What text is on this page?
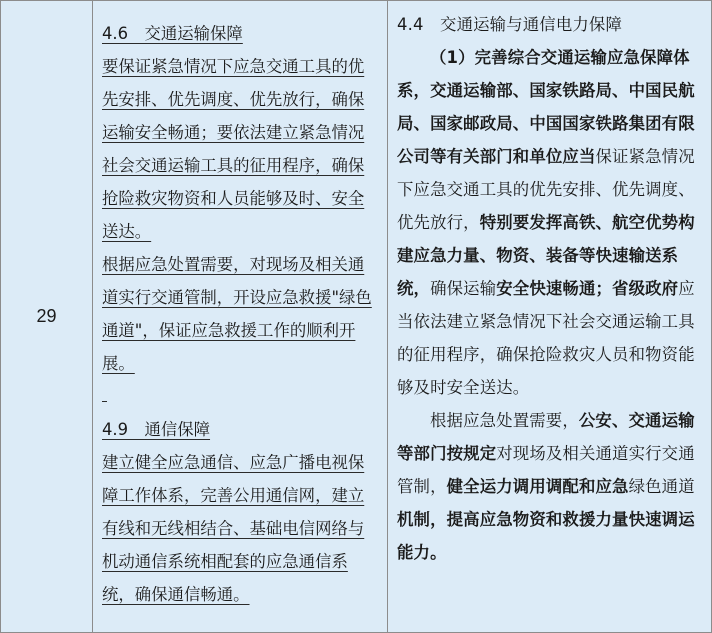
29

4.6　交通运输保障

要保证紧急情况下应急交通工具的优先安排、优先调度、优先放行，确保运输安全畅通；要依法建立紧急情况社会交通运输工具的征用程序，确保抢险救灾物资和人员能够及时、安全送达。

根据应急处置需要，对现场及相关通道实行交通管制，开设应急救援"绿色通道"，保证应急救援工作的顺利开展。

4.9　通信保障

建立健全应急通信、应急广播电视保障工作体系，完善公用通信网，建立有线和无线相结合、基础电信网络与机动通信系统相配套的应急通信系统，确保通信畅通。

4.4　交通运输与通信电力保障

（1）完善综合交通运输应急保障体系，交通运输部、国家铁路局、中国民航局、国家邮政局、中国国家铁路集团有限公司等有关部门和单位应当保证紧急情况下应急交通工具的优先安排、优先调度、优先放行，特别要发挥高铁、航空优势构建应急力量、物资、装备等快速输送系统，确保运输安全快速畅通；省级政府应当依法建立紧急情况下社会交通运输工具的征用程序，确保抢险救灾人员和物资能够及时安全送达。

根据应急处置需要，公安、交通运输等部门按规定对现场及相关通道实行交通管制，健全运力调用调配和应急绿色通道机制，提高应急物资和救援力量快速调运能力。
